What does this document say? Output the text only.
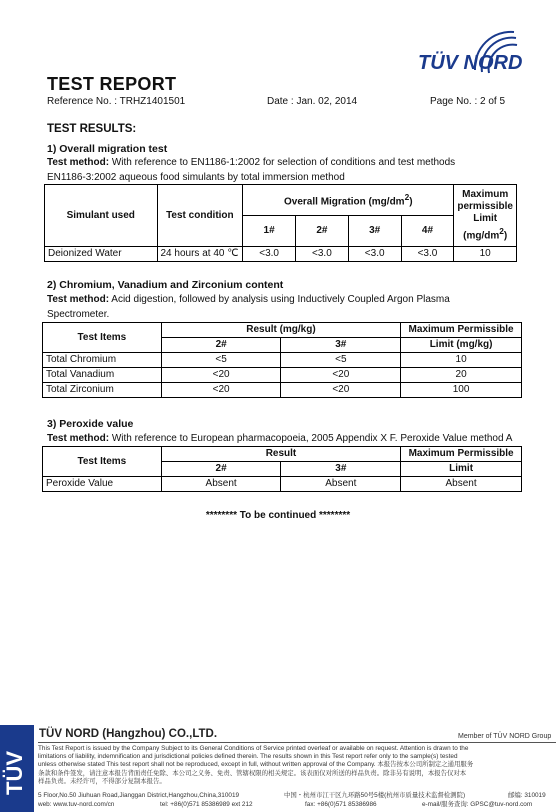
TÜV NORD
TEST REPORT
Reference No. : TRHZ1401501	Date : Jan. 02, 2014	Page No. : 2 of 5
TEST RESULTS:
1) Overall migration test
Test method: With reference to EN1186-1:2002 for selection of conditions and test methods
EN1186-3:2002 aqueous food simulants by total immersion method
Simulant used	Test condition	Overall Migration $(mg/dm^2)$				Maximum
permissible
Limit
$(mg/dm^2)$

		1#	2#	3#	4#	
Deionized Water	24 hours at 40 ℃	<3.0	<3.0	<3.0	<3.0	10
2) Chromium, Vanadium and Zirconium content
Test method: Acid digestion, followed by analysis using Inductively Coupled Argon Plasma
Spectrometer.
Test Items	Result (mg/kg)		Maximum Permissible
	2#	3#	Limit (mg/kg)
Total Chromium	<5	<5	10
Total Vanadium	<20	<20	20
Total Zirconium	<20	<20	100
3) Peroxide value
Test method: With reference to European pharmacopoeia, 2005 Appendix X F. Peroxide Value method A
Test Items	Result		Maximum Permissible
	2#	3#	Limit
Peroxide Value	Absent	Absent	Absent
******** To be continued ********
TÜV
TÜV NORD (Hangzhou) CO.,LTD.	Member of TÜV NORD Group
This Test Report is issued by the Company Subject to its General Conditions of Service printed overleaf or available on request. Attention is drawn to the
limitations of liability, indemnification and jurisdictional policies defined therein. The results shown in this Test report refer only to the sample(s) tested
unless otherwise stated This test report shall not be reproduced, except in full, without written approval of the Company. 本报告按本公司所制定之通用服务
条款和条件签发，请注意本报告背面责任免除、本公司之义务、免责、管辖权限的相关规定。该表面仅对所送的样品负责。除非另有说明，本报告仅对本
样品负责。未经许可，不得部分复制本报告。
5 Floor,No.50 Jiuhuan Road,Jianggan District,Hangzhou,China,310019	中国・杭州市江干区九环路50号5楼(杭州市质量技术监督检测院)	邮编: 310019
web: www.tuv-nord.com/cn	tel: +86(0)571 85386989 ext 212	fax: +86(0)571 85386986	e-mail/服务查询: GPSC@tuv-nord.com
